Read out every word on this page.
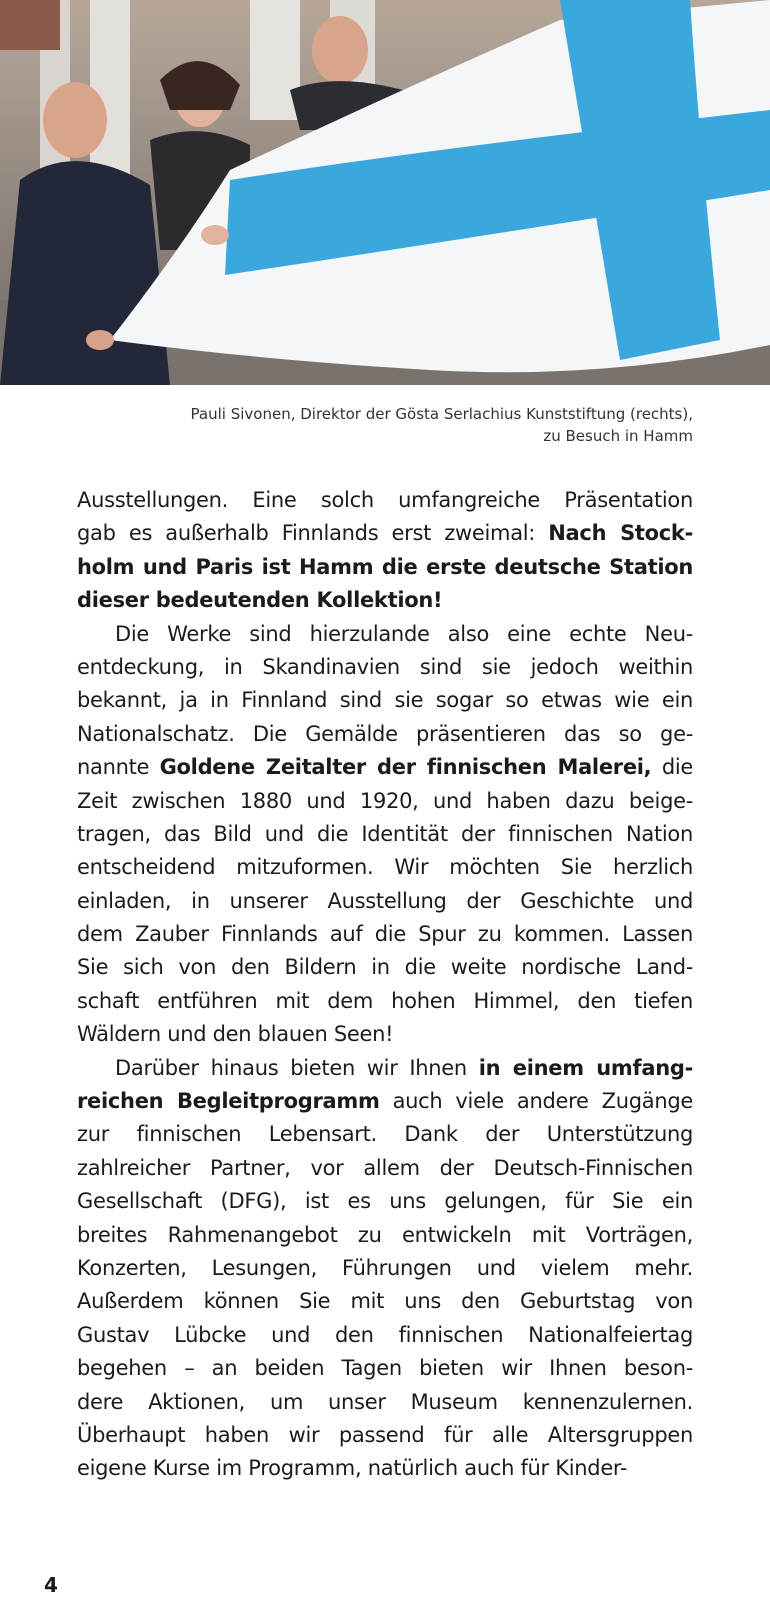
Pauli Sivonen, Direktor der Gösta Serlachius Kunststiftung (rechts),
zu Besuch in Hamm
Ausstellungen. Eine solch umfangreiche Präsentation
gab es außerhalb Finnlands erst zweimal: Nach Stock-
holm und Paris ist Hamm die erste deutsche Station
dieser bedeutenden Kollektion!
Die Werke sind hierzulande also eine echte Neu-
entdeckung, in Skandinavien sind sie jedoch weithin
bekannt, ja in Finnland sind sie sogar so etwas wie ein
Nationalschatz. Die Gemälde präsentieren das so ge-
nannte Goldene Zeitalter der finnischen Malerei, die
Zeit zwischen 1880 und 1920, und haben dazu beige-
tragen, das Bild und die Identität der finnischen Nation
entscheidend mitzuformen. Wir möchten Sie herzlich
einladen, in unserer Ausstellung der Geschichte und
dem Zauber Finnlands auf die Spur zu kommen. Lassen
Sie sich von den Bildern in die weite nordische Land-
schaft entführen mit dem hohen Himmel, den tiefen
Wäldern und den blauen Seen!
Darüber hinaus bieten wir Ihnen in einem umfang-
reichen Begleitprogramm auch viele andere Zugänge
zur finnischen Lebensart. Dank der Unterstützung
zahlreicher Partner, vor allem der Deutsch-Finnischen
Gesellschaft (DFG), ist es uns gelungen, für Sie ein
breites Rahmenangebot zu entwickeln mit Vorträgen,
Konzerten, Lesungen, Führungen und vielem mehr.
Außerdem können Sie mit uns den Geburtstag von
Gustav Lübcke und den finnischen Nationalfeiertag
begehen – an beiden Tagen bieten wir Ihnen beson-
dere Aktionen, um unser Museum kennenzulernen.
Überhaupt haben wir passend für alle Altersgruppen
eigene Kurse im Programm, natürlich auch für Kinder-
4
